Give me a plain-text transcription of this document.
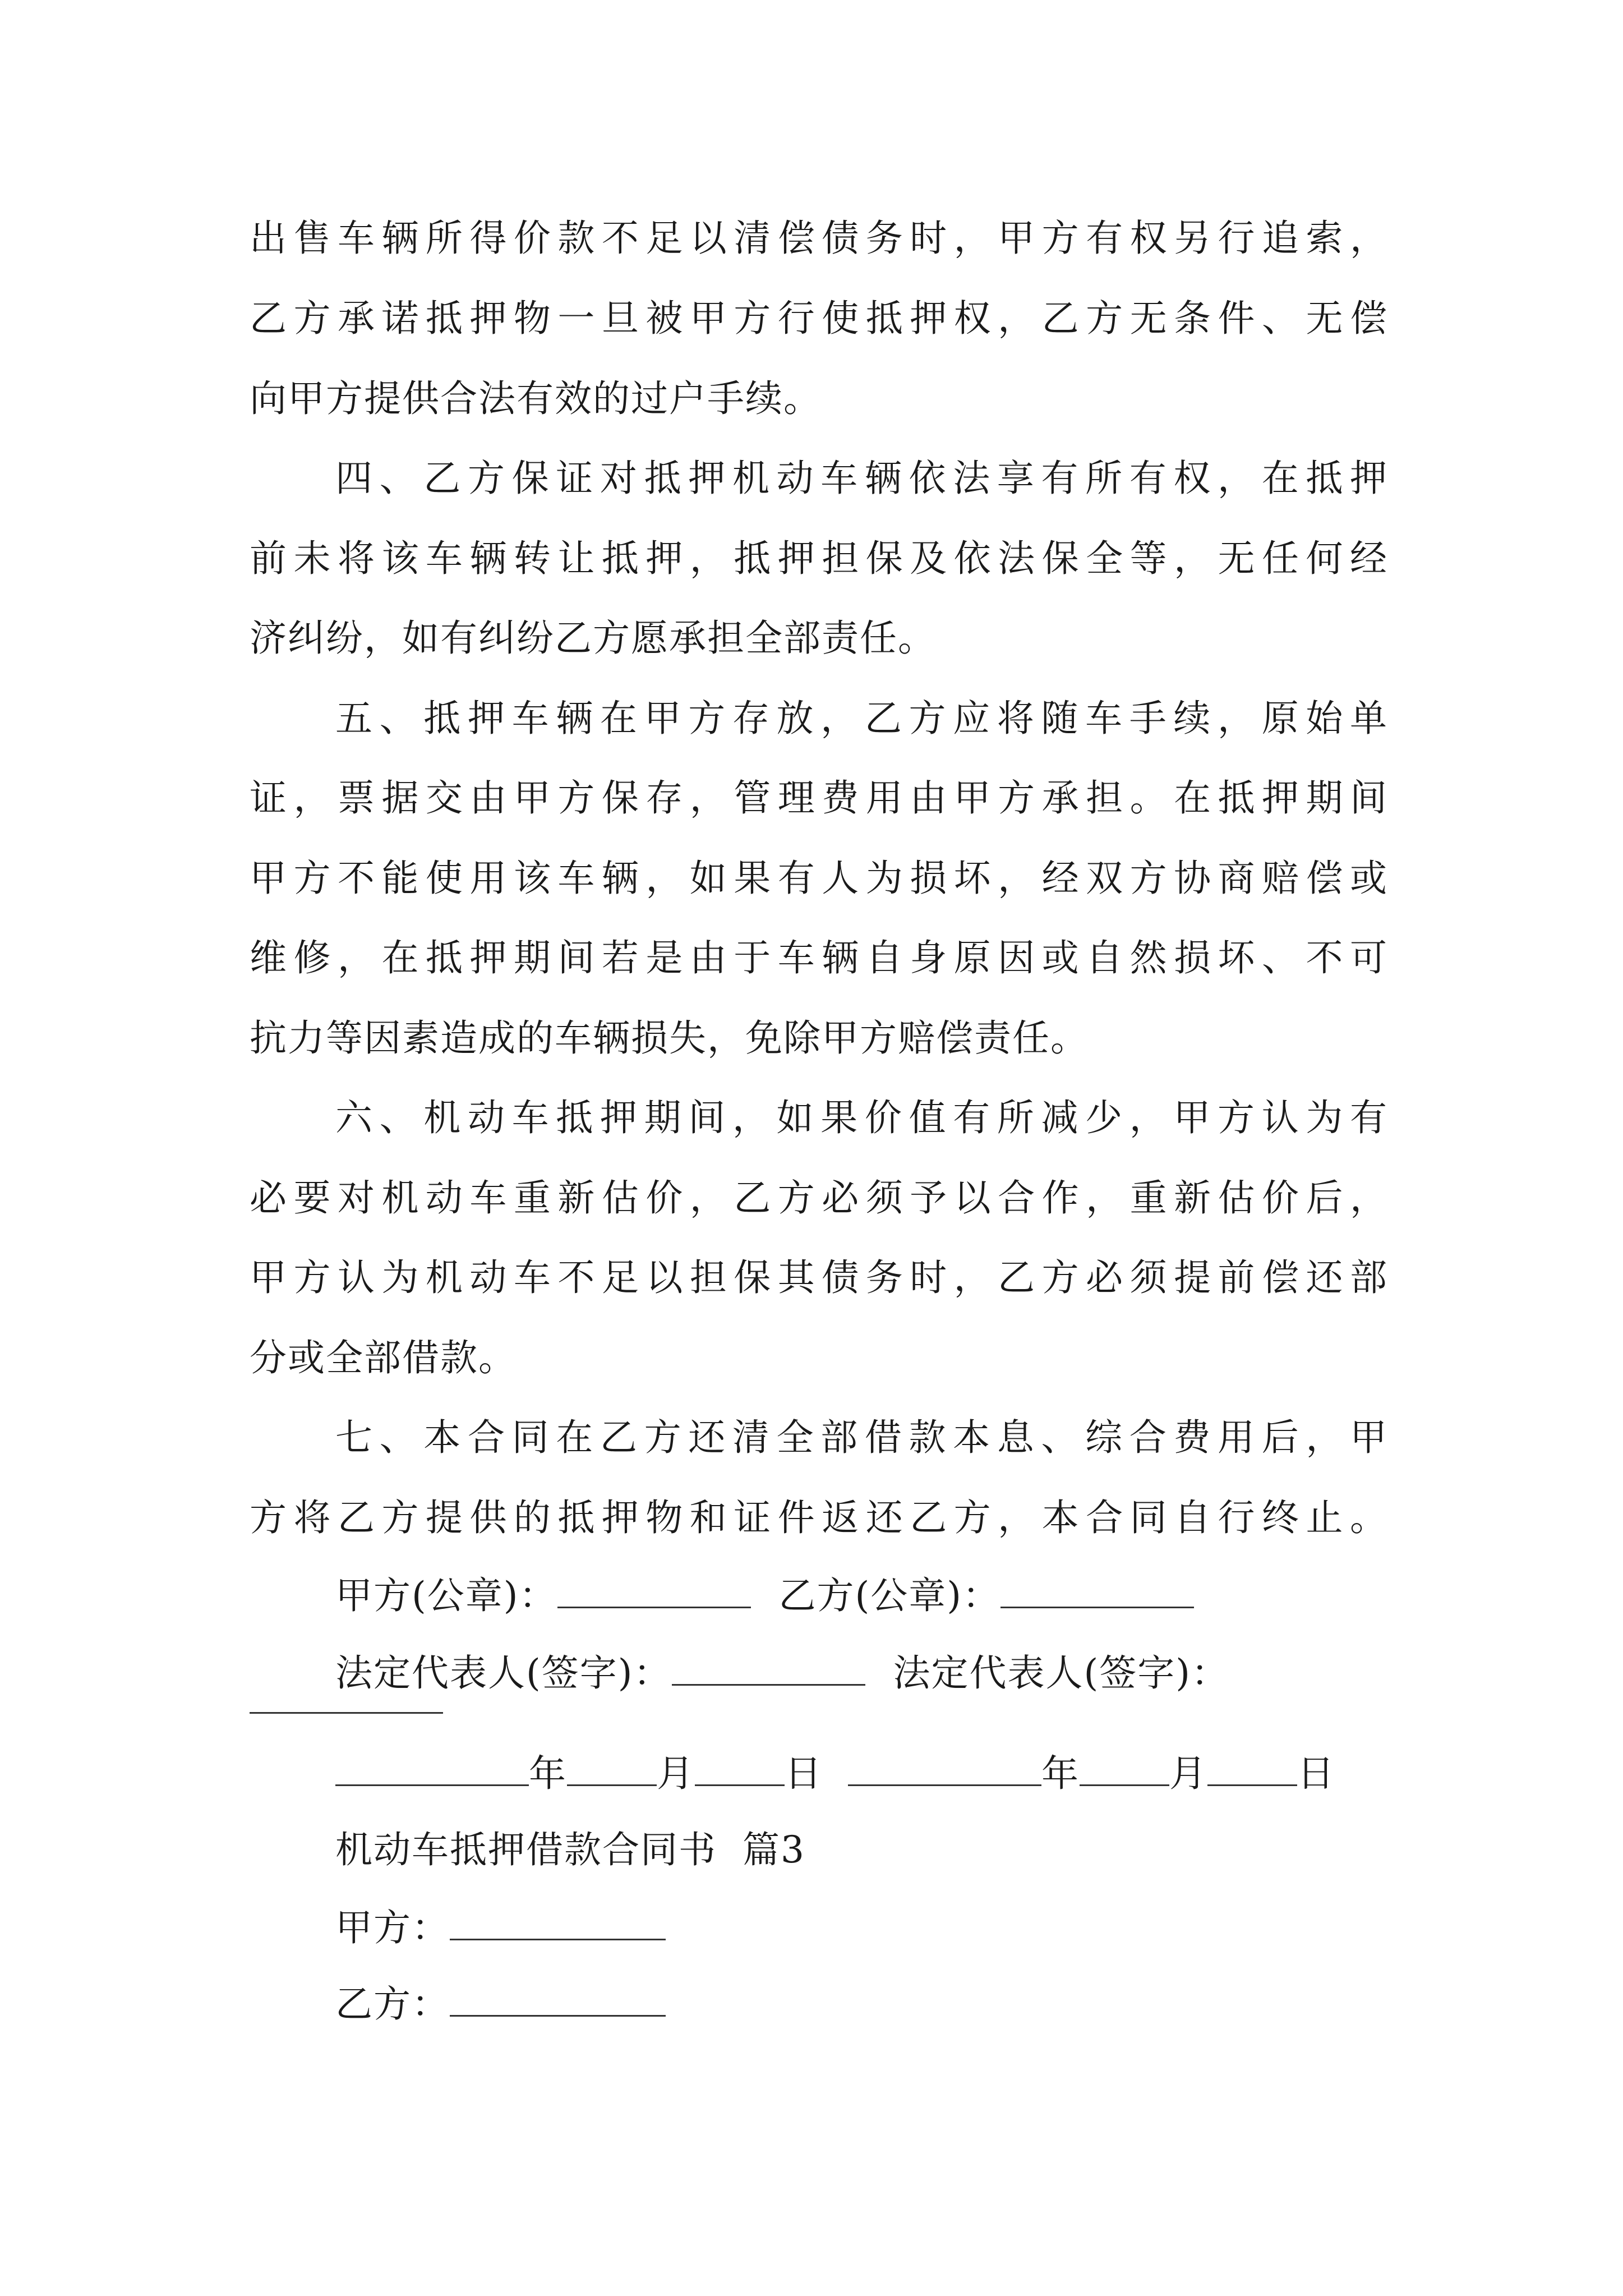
出售车辆所得价款不足以清偿债务时，甲方有权另行追索，
乙方承诺抵押物一旦被甲方行使抵押权，乙方无条件、无偿
向甲方提供合法有效的过户手续。
四、乙方保证对抵押机动车辆依法享有所有权，在抵押
前未将该车辆转让抵押，抵押担保及依法保全等，无任何经
济纠纷，如有纠纷乙方愿承担全部责任。
五、抵押车辆在甲方存放，乙方应将随车手续，原始单
证，票据交由甲方保存，管理费用由甲方承担。在抵押期间
甲方不能使用该车辆，如果有人为损坏，经双方协商赔偿或
维修，在抵押期间若是由于车辆自身原因或自然损坏、不可
抗力等因素造成的车辆损失，免除甲方赔偿责任。
六、机动车抵押期间，如果价值有所减少，甲方认为有
必要对机动车重新估价，乙方必须予以合作，重新估价后，
甲方认为机动车不足以担保其债务时，乙方必须提前偿还部
分或全部借款。
七、本合同在乙方还清全部借款本息、综合费用后，甲
方将乙方提供的抵押物和证件返还乙方，本合同自行终止。
甲方(公章)：	乙方(公章)：
法定代表人(签字)：	法定代表人(签字)：
年 月 日	年 月 日
机动车抵押借款合同书  篇3
甲方：
乙方：
